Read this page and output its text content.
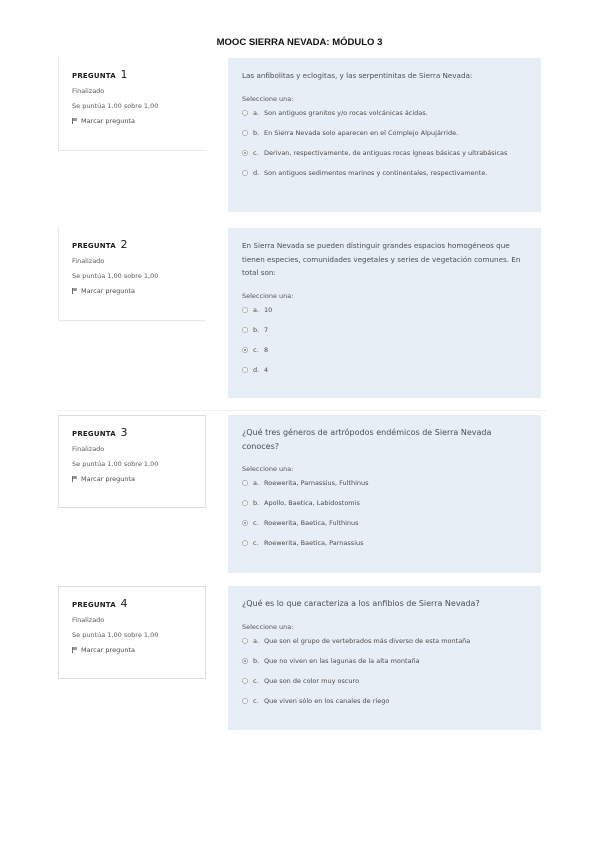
MOOC SIERRA NEVADA: MÓDULO 3
PREGUNTA 1
Finalizado
Se puntúa 1,00 sobre 1,00
Marcar pregunta
Las anfibolitas y eclogitas, y las serpentinitas de Sierra Nevada:
Seleccione una:
a. Son antiguos granitos y/o rocas volcánicas ácidas.
b. En Sierra Nevada solo aparecen en el Complejo Alpujárride.
c. Derivan, respectivamente, de antiguas rocas ígneas básicas y ultrabásicas
d. Son antiguos sedimentos marinos y continentales, respectivamente.
PREGUNTA 2
Finalizado
Se puntúa 1,00 sobre 1,00
Marcar pregunta
En Sierra Nevada se pueden distinguir grandes espacios homogéneos que tienen especies, comunidades vegetales y series de vegetación comunes. En total son:
Seleccione una:
a. 10
b. 7
c. 8
d. 4
PREGUNTA 3
Finalizado
Se puntúa 1,00 sobre 1,00
Marcar pregunta
¿Qué tres géneros de artrópodos endémicos de Sierra Nevada conoces?
Seleccione una:
a. Roewerita, Parnassius, Fulthinus
b. Apollo, Baetica, Labidostomis
c. Roewerita, Baetica, Fulthinus
c. Roewerita, Baetica, Parnassius
PREGUNTA 4
Finalizado
Se puntúa 1,00 sobre 1,00
Marcar pregunta
¿Qué es lo que caracteriza a los anfibios de Sierra Nevada?
Seleccione una:
a. Que son el grupo de vertebrados más diverso de esta montaña
b. Que no viven en las lagunas de la alta montaña
c. Que son de color muy oscuro
c. Que viven sólo en los canales de riego
